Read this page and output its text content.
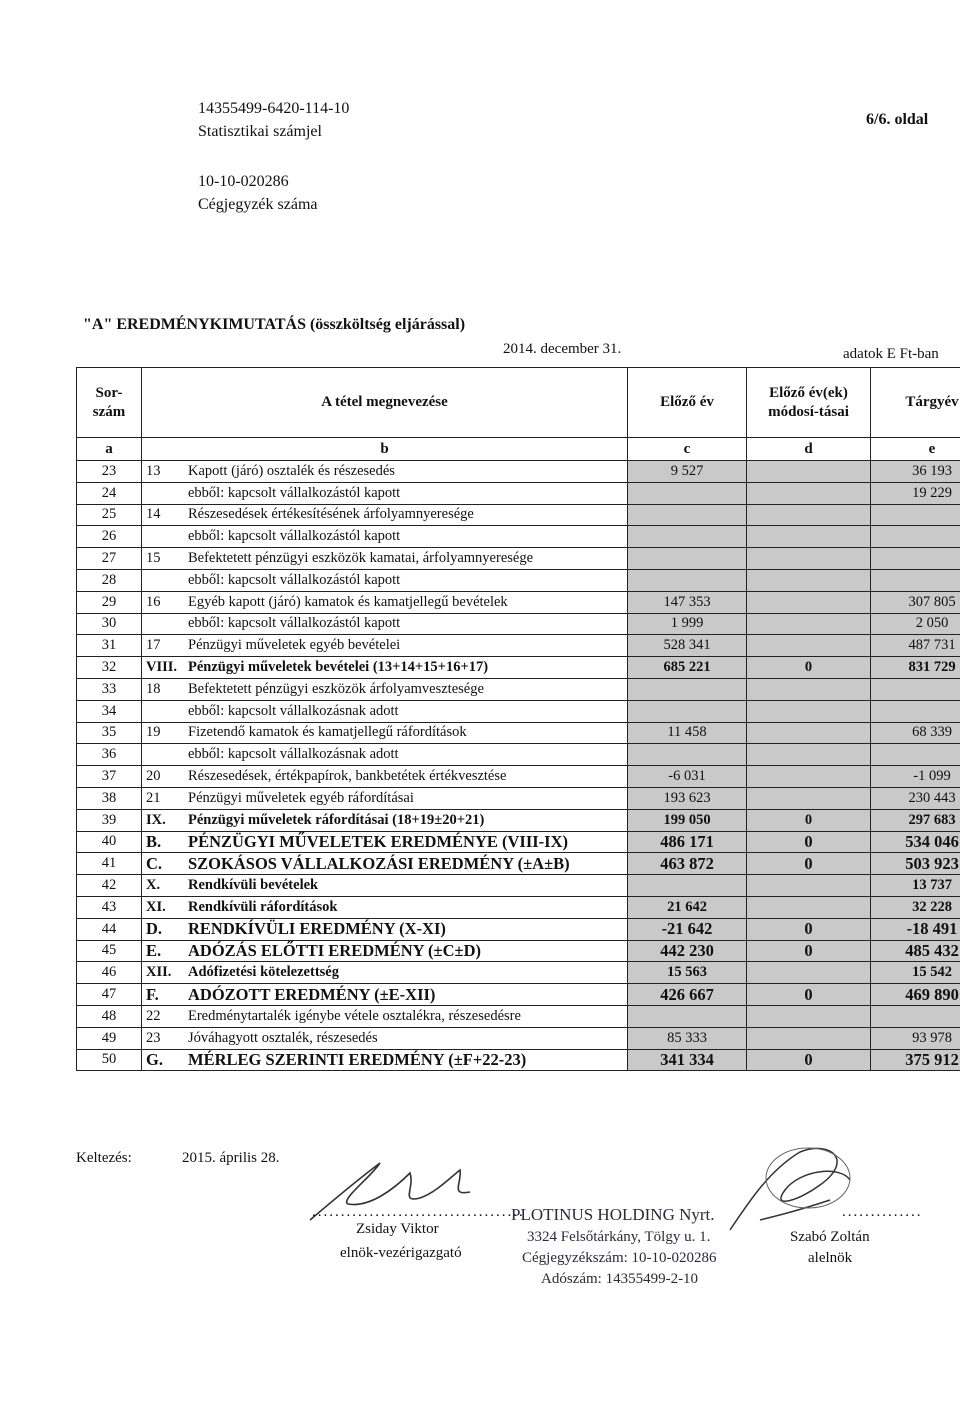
14355499-6420-114-10
Statisztikai számjel
6/6. oldal
10-10-020286
Cégjegyzék száma
"A" EREDMÉNYKIMUTATÁS (összköltség eljárással)
2014. december 31.	adatok E Ft-ban
Sor-szám	A tétel megnevezése	Előző év	Előző év(ek) módosí-tásai	Tárgyév
a	b	c	d	e
23	13 Kapott (járó) osztalék és részesedés	9 527		36 193
24	ebből: kapcsolt vállalkozástól kapott			19 229
25	14 Részesedések értékesítésének árfolyamnyeresége			
26	ebből: kapcsolt vállalkozástól kapott			
27	15 Befektetett pénzügyi eszközök kamatai, árfolyamnyeresége			
28	ebből: kapcsolt vállalkozástól kapott			
29	16 Egyéb kapott (járó) kamatok és kamatjellegű bevételek	147 353		307 805
30	ebből: kapcsolt vállalkozástól kapott	1 999		2 050
31	17 Pénzügyi műveletek egyéb bevételei	528 341		487 731
32	VIII. Pénzügyi műveletek bevételei (13+14+15+16+17)	685 221	0	831 729
33	18 Befektetett pénzügyi eszközök árfolyamvesztesége			
34	ebből: kapcsolt vállalkozásnak adott			
35	19 Fizetendő kamatok és kamatjellegű ráfordítások	11 458		68 339
36	ebből: kapcsolt vállalkozásnak adott			
37	20 Részesedések, értékpapírok, bankbetétek értékvesztése	-6 031		-1 099
38	21 Pénzügyi műveletek egyéb ráfordításai	193 623		230 443
39	IX. Pénzügyi műveletek ráfordításai (18+19±20+21)	199 050	0	297 683
40	B. PÉNZÜGYI MŰVELETEK EREDMÉNYE (VIII-IX)	486 171	0	534 046
41	C. SZOKÁSOS VÁLLALKOZÁSI EREDMÉNY (±A±B)	463 872	0	503 923
42	X. Rendkívüli bevételek			13 737
43	XI. Rendkívüli ráfordítások	21 642		32 228
44	D. RENDKÍVÜLI EREDMÉNY (X-XI)	-21 642	0	-18 491
45	E. ADÓZÁS ELŐTTI EREDMÉNY (±C±D)	442 230	0	485 432
46	XII. Adófizetési kötelezettség	15 563		15 542
47	F. ADÓZOTT EREDMÉNY (±E-XII)	426 667	0	469 890
48	22 Eredménytartalék igénybe vétele osztalékra, részesedésre			
49	23 Jóváhagyott osztalék, részesedés	85 333		93 978
50	G. MÉRLEG SZERINTI EREDMÉNY (±F+22-23)	341 334	0	375 912
Keltezés:	2015. április 28.
.....................................
Zsiday Viktor
elnök-vezérigazgató
PLOTINUS HOLDING Nyrt.
3324 Felsőtárkány, Tölgy u. 1.
Cégjegyzékszám: 10-10-020286
Adószám: 14355499-2-10
..............
Szabó Zoltán
alelnök
